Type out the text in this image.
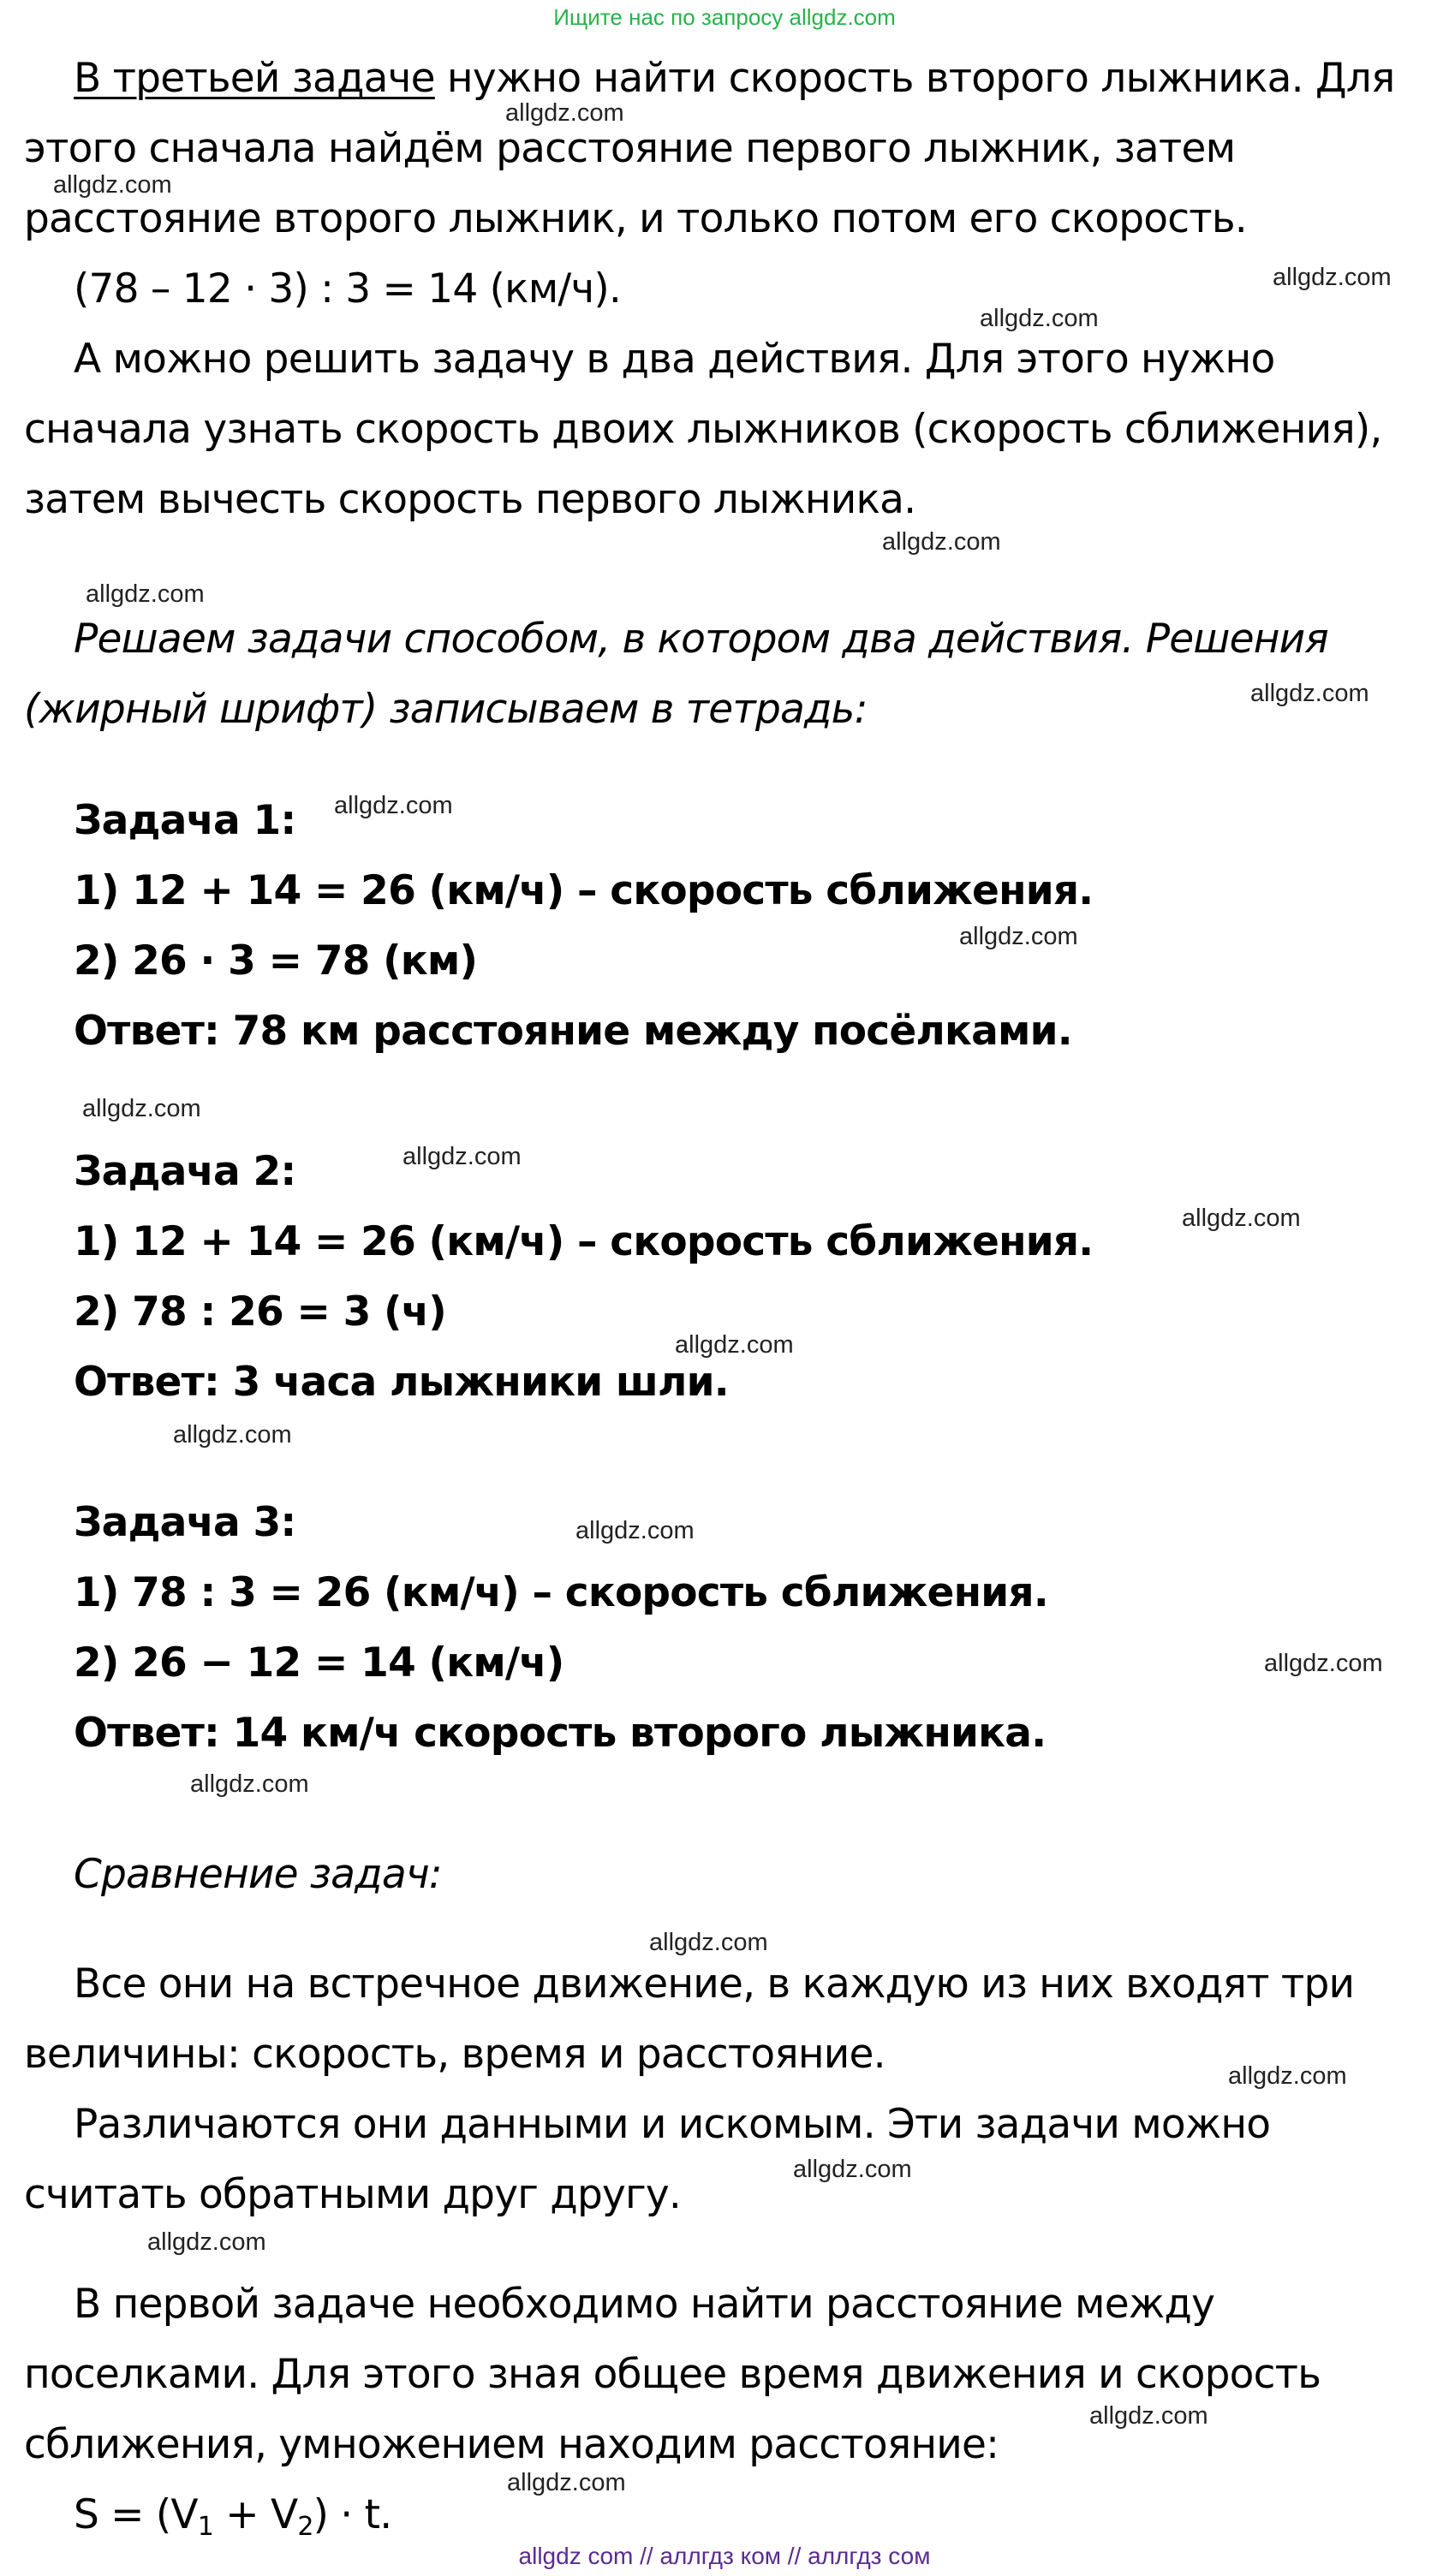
Ищите нас по запросу allgdz.com
В третьей задаче нужно найти скорость второго лыжника. Для
этого сначала найдём расстояние первого лыжник, затем
расстояние второго лыжник, и только потом его скорость.
(78 – 12 · 3) : 3 = 14 (км/ч).
А можно решить задачу в два действия. Для этого нужно
сначала узнать скорость двоих лыжников (скорость сближения),
затем вычесть скорость первого лыжника.
Решаем задачи способом, в котором два действия. Решения
(жирный шрифт) записываем в тетрадь:
Задача 1:
1) 12 + 14 = 26 (км/ч) – скорость сближения.
2) 26 · 3 = 78 (км)
Ответ: 78 км расстояние между посёлками.
Задача 2:
1) 12 + 14 = 26 (км/ч) – скорость сближения.
2) 78 : 26 = 3 (ч)
Ответ: 3 часа лыжники шли.
Задача 3:
1) 78 : 3 = 26 (км/ч) – скорость сближения.
2) 26 − 12 = 14 (км/ч)
Ответ: 14 км/ч скорость второго лыжника.
Сравнение задач:
Все они на встречное движение, в каждую из них входят три
величины: скорость, время и расстояние.
Различаются они данными и искомым. Эти задачи можно
считать обратными друг другу.
В первой задаче необходимо найти расстояние между
поселками. Для этого зная общее время движения и скорость
сближения, умножением находим расстояние:
$S = (V_1 + V_2) \cdot t$.
allgdz.com
allgdz.com
allgdz.com
allgdz.com
allgdz.com
allgdz.com
allgdz.com
allgdz.com
allgdz.com
allgdz.com
allgdz.com
allgdz.com
allgdz.com
allgdz.com
allgdz.com
allgdz.com
allgdz.com
allgdz.com
allgdz.com
allgdz.com
allgdz.com
allgdz.com
allgdz.com
allgdz com // аллгдз ком // аллгдз сом
